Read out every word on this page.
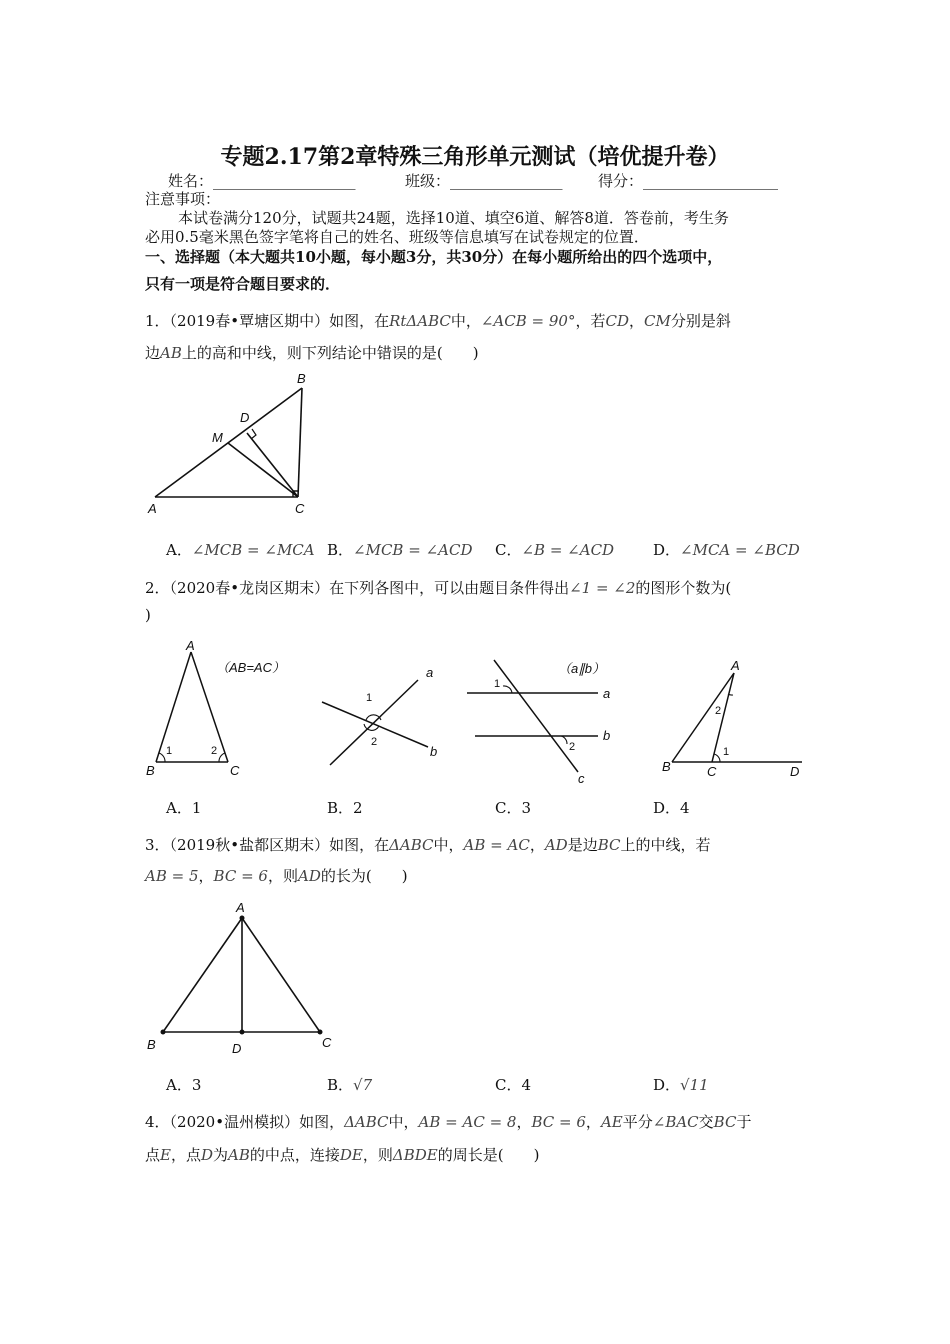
专题2.17第2章特殊三角形单元测试（培优提升卷）
姓名：___________________	班级：_______________ 得分：__________________
注意事项：
本试卷满分120分，试题共24题，选择10道、填空6道、解答8道．答卷前，考生务
必用0.5毫米黑色签字笔将自己的姓名、班级等信息填写在试卷规定的位置．
一、选择题（本大题共10小题，每小题3分，共30分）在每小题所给出的四个选项中，
只有一项是符合题目要求的．
1．（2019春•覃塘区期中）如图，在RtΔABC中，∠ACB = 90°，若CD，CM分别是斜
边AB上的高和中线，则下列结论中错误的是(　　)
A	C
B
D
M
A．∠MCB = ∠MCA B．∠MCB = ∠ACD C．∠B = ∠ACD	D．∠MCA = ∠BCD
2．（2020春•龙岗区期末）在下列各图中，可以由题目条件得出∠1 = ∠2的图形个数为(
)
A
B	C
1	2
（AB=AC）
1
2
a
b
1
2
a
b
c
（a∥b）	A
B	C	D
1
2
A．1	B．2	C．3	D．4
3．（2019秋•盐都区期末）如图，在ΔABC中，AB = AC，AD是边BC上的中线，若
AB = 5，BC = 6，则AD的长为(　　)
A
B	C
D
A．3	B．√7	C．4	D．√11
4．（2020•温州模拟）如图，ΔABC中，AB = AC = 8，BC = 6，AE平分∠BAC交BC于
点E，点D为AB的中点，连接DE，则ΔBDE的周长是(　　)
